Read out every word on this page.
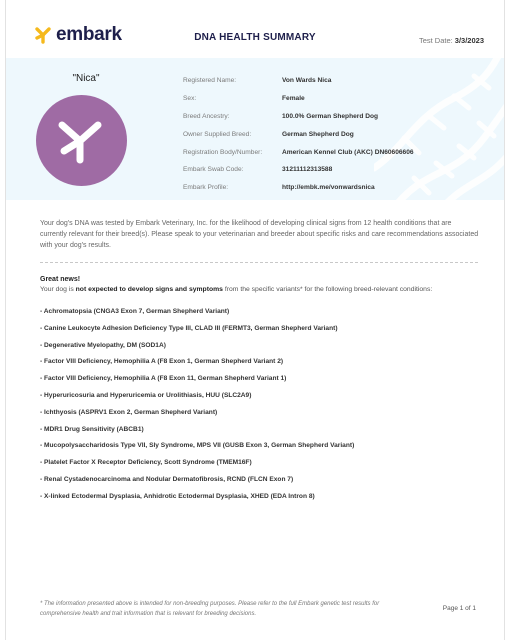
embark	DNA HEALTH SUMMARY	Test Date: 3/3/2023
"Nica"	Registered Name:	Von Wards Nica
Sex:	Female
Breed Ancestry:	100.0% German Shepherd Dog
Owner Supplied Breed:	German Shepherd Dog
Registration Body/Number:	American Kennel Club (AKC) DN60606606
Embark Swab Code:	31211112313588
Embark Profile:	http://embk.me/vonwardsnica

Your dog's DNA was tested by Embark Veterinary, Inc. for the likelihood of developing clinical signs from 12 health conditions that are currently relevant for their breed(s). Please speak to your veterinarian and breeder about specific risks and care recommendations associated with your dog's results.

Great news!
Your dog is not expected to develop signs and symptoms from the specific variants* for the following breed-relevant conditions:
- Achromatopsia (CNGA3 Exon 7, German Shepherd Variant)
- Canine Leukocyte Adhesion Deficiency Type III, CLAD III (FERMT3, German Shepherd Variant)
- Degenerative Myelopathy, DM (SOD1A)
- Factor VIII Deficiency, Hemophilia A (F8 Exon 1, German Shepherd Variant 2)
- Factor VIII Deficiency, Hemophilia A (F8 Exon 11, German Shepherd Variant 1)
- Hyperuricosuria and Hyperuricemia or Urolithiasis, HUU (SLC2A9)
- Ichthyosis (ASPRV1 Exon 2, German Shepherd Variant)
- MDR1 Drug Sensitivity (ABCB1)
- Mucopolysaccharidosis Type VII, Sly Syndrome, MPS VII (GUSB Exon 3, German Shepherd Variant)
- Platelet Factor X Receptor Deficiency, Scott Syndrome (TMEM16F)
- Renal Cystadenocarcinoma and Nodular Dermatofibrosis, RCND (FLCN Exon 7)
- X-linked Ectodermal Dysplasia, Anhidrotic Ectodermal Dysplasia, XHED (EDA Intron 8)

* The information presented above is intended for non-breeding purposes. Please refer to the full Embark genetic test results for comprehensive health and trait information that is relevant for breeding decisions.

Page 1 of 1
